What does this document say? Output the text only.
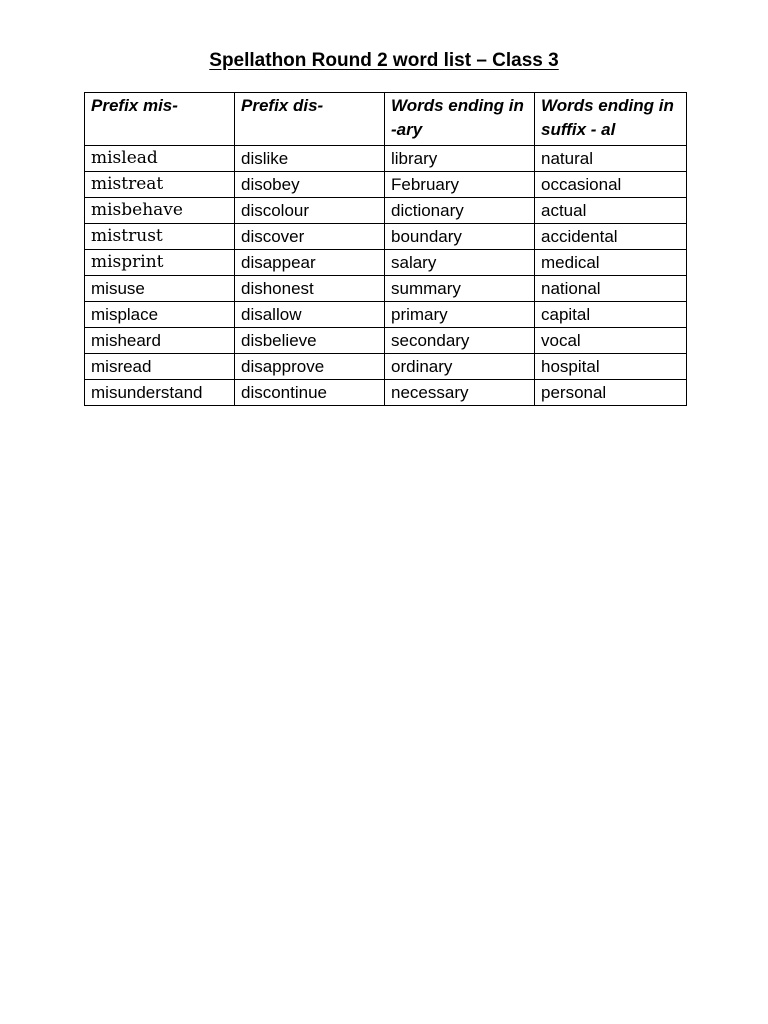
Spellathon Round 2 word list – Class 3
Prefix mis-	Prefix dis-	Words ending in -ary	Words ending in suffix - al
mislead	dislike	library	natural
mistreat	disobey	February	occasional
misbehave	discolour	dictionary	actual
mistrust	discover	boundary	accidental
misprint	disappear	salary	medical
misuse	dishonest	summary	national
misplace	disallow	primary	capital
misheard	disbelieve	secondary	vocal
misread	disapprove	ordinary	hospital
misunderstand	discontinue	necessary	personal
